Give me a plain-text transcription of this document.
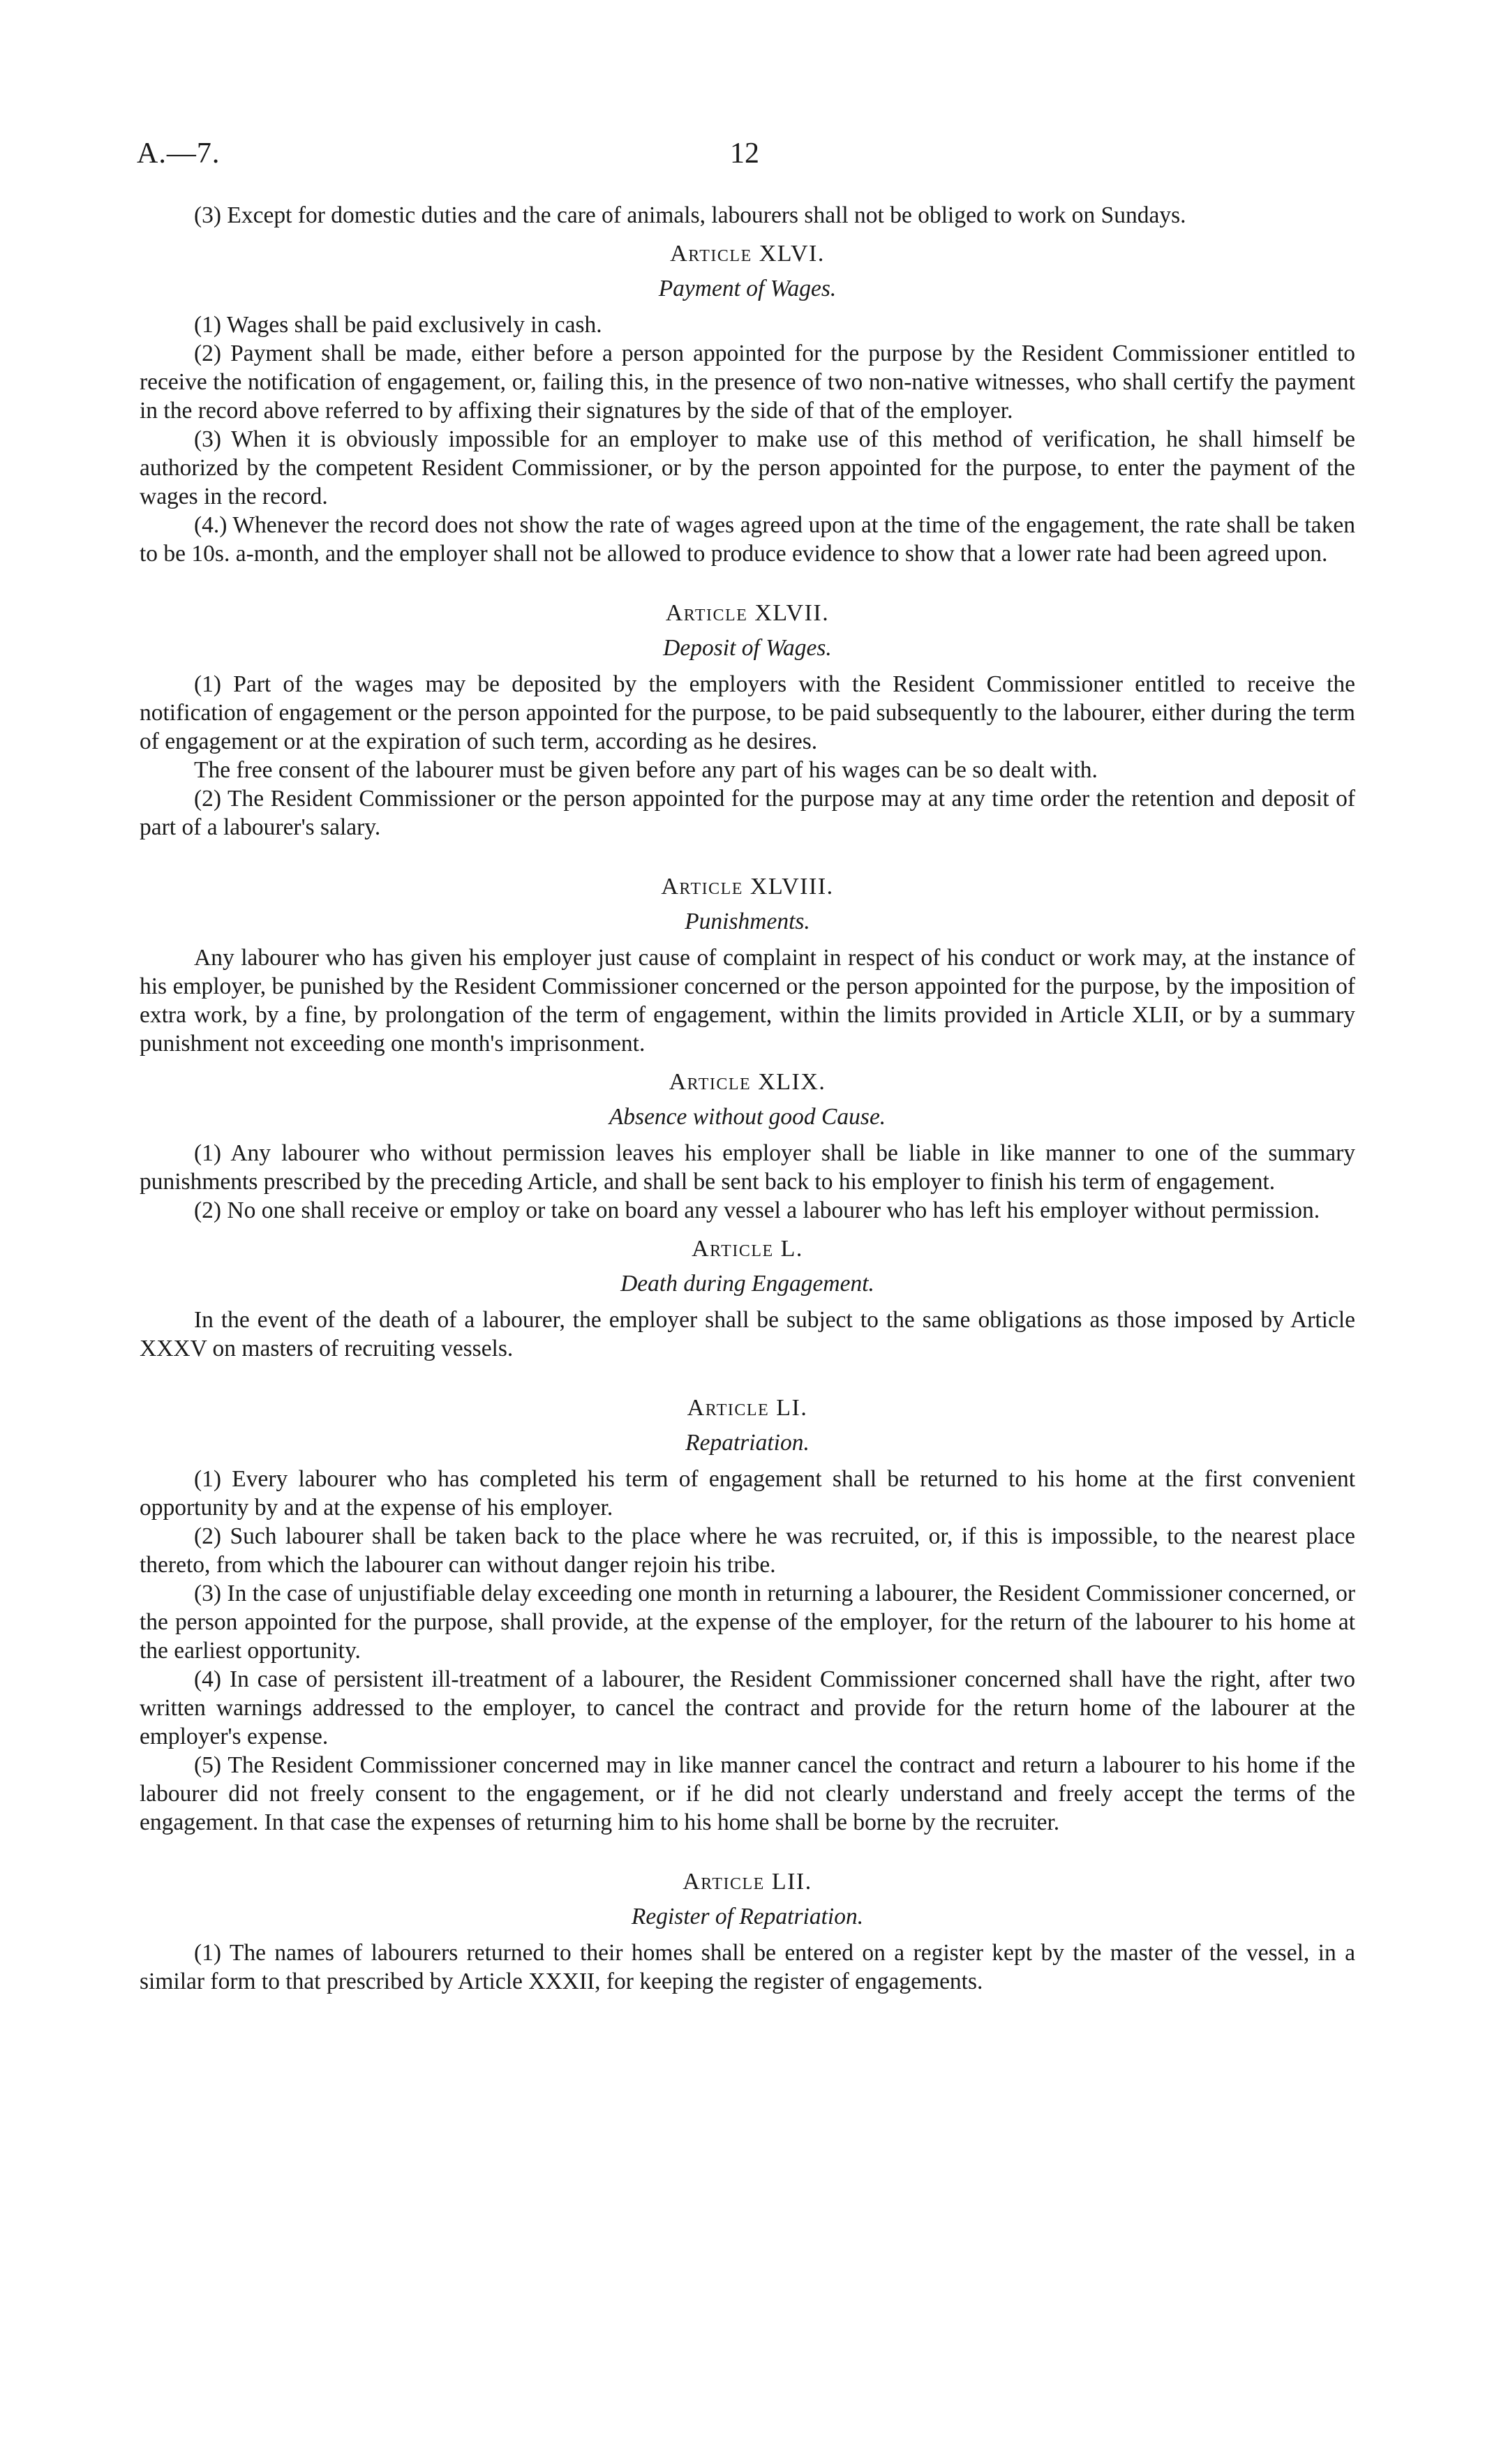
A.—7.	12

(3) Except for domestic duties and the care of animals, labourers shall not be obliged to work on Sundays.

Article XLVI.
Payment of Wages.

(1) Wages shall be paid exclusively in cash.

(2) Payment shall be made, either before a person appointed for the purpose by the Resident Commissioner entitled to receive the notification of engagement, or, failing this, in the presence of two non-native witnesses, who shall certify the payment in the record above referred to by affixing their signatures by the side of that of the employer.

(3) When it is obviously impossible for an employer to make use of this method of verification, he shall himself be authorized by the competent Resident Commissioner, or by the person appointed for the purpose, to enter the payment of the wages in the record.

(4.) Whenever the record does not show the rate of wages agreed upon at the time of the engagement, the rate shall be taken to be 10s. a-month, and the employer shall not be allowed to produce evidence to show that a lower rate had been agreed upon.

Article XLVII.
Deposit of Wages.

(1) Part of the wages may be deposited by the employers with the Resident Commissioner entitled to receive the notification of engagement or the person appointed for the purpose, to be paid subsequently to the labourer, either during the term of engagement or at the expiration of such term, according as he desires.

The free consent of the labourer must be given before any part of his wages can be so dealt with.

(2) The Resident Commissioner or the person appointed for the purpose may at any time order the retention and deposit of part of a labourer's salary.

Article XLVIII.
Punishments.

Any labourer who has given his employer just cause of complaint in respect of his conduct or work may, at the instance of his employer, be punished by the Resident Commissioner concerned or the person appointed for the purpose, by the imposition of extra work, by a fine, by prolongation of the term of engagement, within the limits provided in Article XLII, or by a summary punishment not exceeding one month's imprisonment.

Article XLIX.
Absence without good Cause.

(1) Any labourer who without permission leaves his employer shall be liable in like manner to one of the summary punishments prescribed by the preceding Article, and shall be sent back to his employer to finish his term of engagement.

(2) No one shall receive or employ or take on board any vessel a labourer who has left his employer without permission.

Article L.
Death during Engagement.

In the event of the death of a labourer, the employer shall be subject to the same obligations as those imposed by Article XXXV on masters of recruiting vessels.

Article LI.
Repatriation.

(1) Every labourer who has completed his term of engagement shall be returned to his home at the first convenient opportunity by and at the expense of his employer.

(2) Such labourer shall be taken back to the place where he was recruited, or, if this is impossible, to the nearest place thereto, from which the labourer can without danger rejoin his tribe.

(3) In the case of unjustifiable delay exceeding one month in returning a labourer, the Resident Commissioner concerned, or the person appointed for the purpose, shall provide, at the expense of the employer, for the return of the labourer to his home at the earliest opportunity.

(4) In case of persistent ill-treatment of a labourer, the Resident Commissioner concerned shall have the right, after two written warnings addressed to the employer, to cancel the contract and provide for the return home of the labourer at the employer's expense.

(5) The Resident Commissioner concerned may in like manner cancel the contract and return a labourer to his home if the labourer did not freely consent to the engagement, or if he did not clearly understand and freely accept the terms of the engagement. In that case the expenses of returning him to his home shall be borne by the recruiter.

Article LII.
Register of Repatriation.

(1) The names of labourers returned to their homes shall be entered on a register kept by the master of the vessel, in a similar form to that prescribed by Article XXXII, for keeping the register of engagements.
